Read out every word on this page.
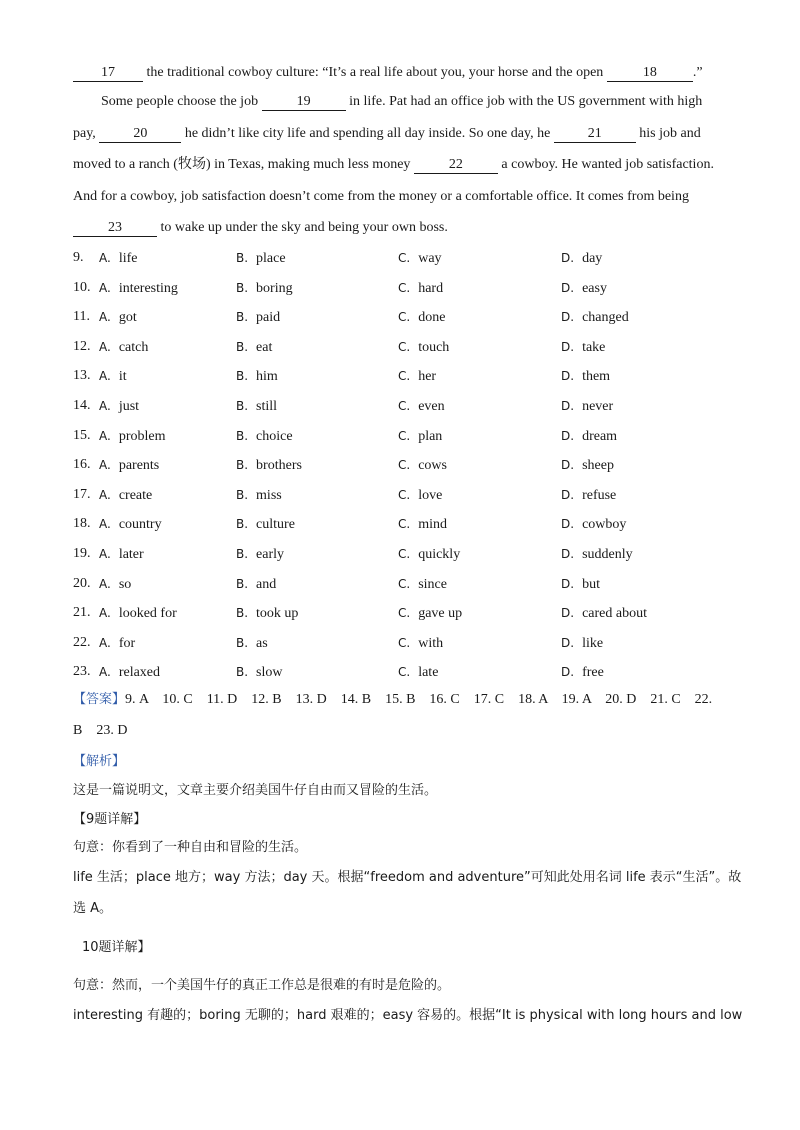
17 the traditional cowboy culture: “It’s a real life about you, your horse and the open	18	.”
Some people choose the job	19	in life. Pat had an office job with the US government with high
pay, 20 he didn’t like city life and spending all day inside. So one day, he 21 his job and
moved to a ranch (牧场) in Texas, making much less money	22	a cowboy. He wanted job satisfaction.
And for a cowboy, job satisfaction doesn’t come from the money or a comfortable office. It comes from being
23	to wake up under the sky and being your own boss.
9. A. life	B. place	C. way	D. day
10. A. interesting	B. boring	C. hard	D. easy
11. A. got	B. paid	C. done	D. changed
12. A. catch	B. eat	C. touch	D. take
13. A. it	B. him	C. her	D. them
14. A. just	B. still	C. even	D. never
15. A. problem	B. choice	C. plan	D. dream
16. A. parents	B. brothers	C. cows	D. sheep
17. A. create	B. miss	C. love	D. refuse
18. A. country	B. culture	C. mind	D. cowboy
19. A. later	B. early	C. quickly	D. suddenly
20. A. so	B. and	C. since	D. but
21. A. looked for	B. took up	C. gave up	D. cared about
22. A. for	B. as	C. with	D. like
23. A. relaxed	B. slow	C. late	D. free
【答案】9. A    10. C    11. D    12. B    13. D    14. B    15. B    16. C    17. C    18. A    19. A    20. D    21. C    22.
B    23. D
【解析】
这是一篇说明文，文章主要介绍美国牛仔自由而又冒险的生活。
【9题详解】
句意：你看到了一种自由和冒险的生活。
life 生活；place 地方；way 方法；day 天。根据“freedom and adventure”可知此处用名词 life 表示“生活”。故
选 A。
10题详解】
句意：然而，一个美国牛仔的真正工作总是很难的有时是危险的。
interesting 有趣的；boring 无聊的；hard 艰难的；easy 容易的。根据“It is physical with long hours and low
